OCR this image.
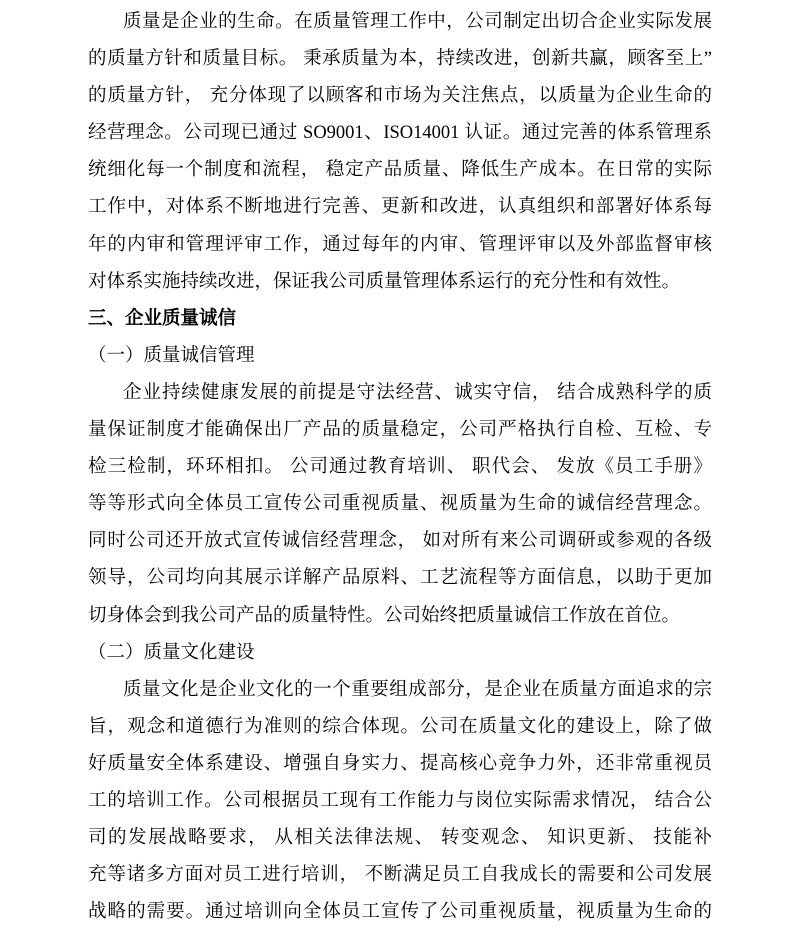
质量是企业的生命。在质量管理工作中，公司制定出切合企业实际发展
的质量方针和质量目标。 秉承质量为本，持续改进，创新共赢，顾客至上”
的质量方针， 充分体现了以顾客和市场为关注焦点，以质量为企业生命的
经营理念。公司现已通过 SO9001、ISO14001 认证。通过完善的体系管理系
统细化每一个制度和流程， 稳定产品质量、降低生产成本。在日常的实际
工作中，对体系不断地进行完善、更新和改进，认真组织和部署好体系每
年的内审和管理评审工作，通过每年的内审、管理评审以及外部监督审核
对体系实施持续改进，保证我公司质量管理体系运行的充分性和有效性。
三、企业质量诚信
（一）质量诚信管理
企业持续健康发展的前提是守法经营、诚实守信， 结合成熟科学的质
量保证制度才能确保出厂产品的质量稳定，公司严格执行自检、互检、专
检三检制，环环相扣。 公司通过教育培训、 职代会、 发放《员工手册》
等等形式向全体员工宣传公司重视质量、视质量为生命的诚信经营理念。
同时公司还开放式宣传诚信经营理念， 如对所有来公司调研或参观的各级
领导，公司均向其展示详解产品原料、工艺流程等方面信息，以助于更加
切身体会到我公司产品的质量特性。公司始终把质量诚信工作放在首位。
（二）质量文化建设
质量文化是企业文化的一个重要组成部分，是企业在质量方面追求的宗
旨，观念和道德行为准则的综合体现。公司在质量文化的建设上，除了做
好质量安全体系建设、增强自身实力、提高核心竞争力外，还非常重视员
工的培训工作。公司根据员工现有工作能力与岗位实际需求情况， 结合公
司的发展战略要求， 从相关法律法规、 转变观念、 知识更新、 技能补
充等诸多方面对员工进行培训， 不断满足员工自我成长的需要和公司发展
战略的需要。通过培训向全体员工宣传了公司重视质量，视质量为生命的
